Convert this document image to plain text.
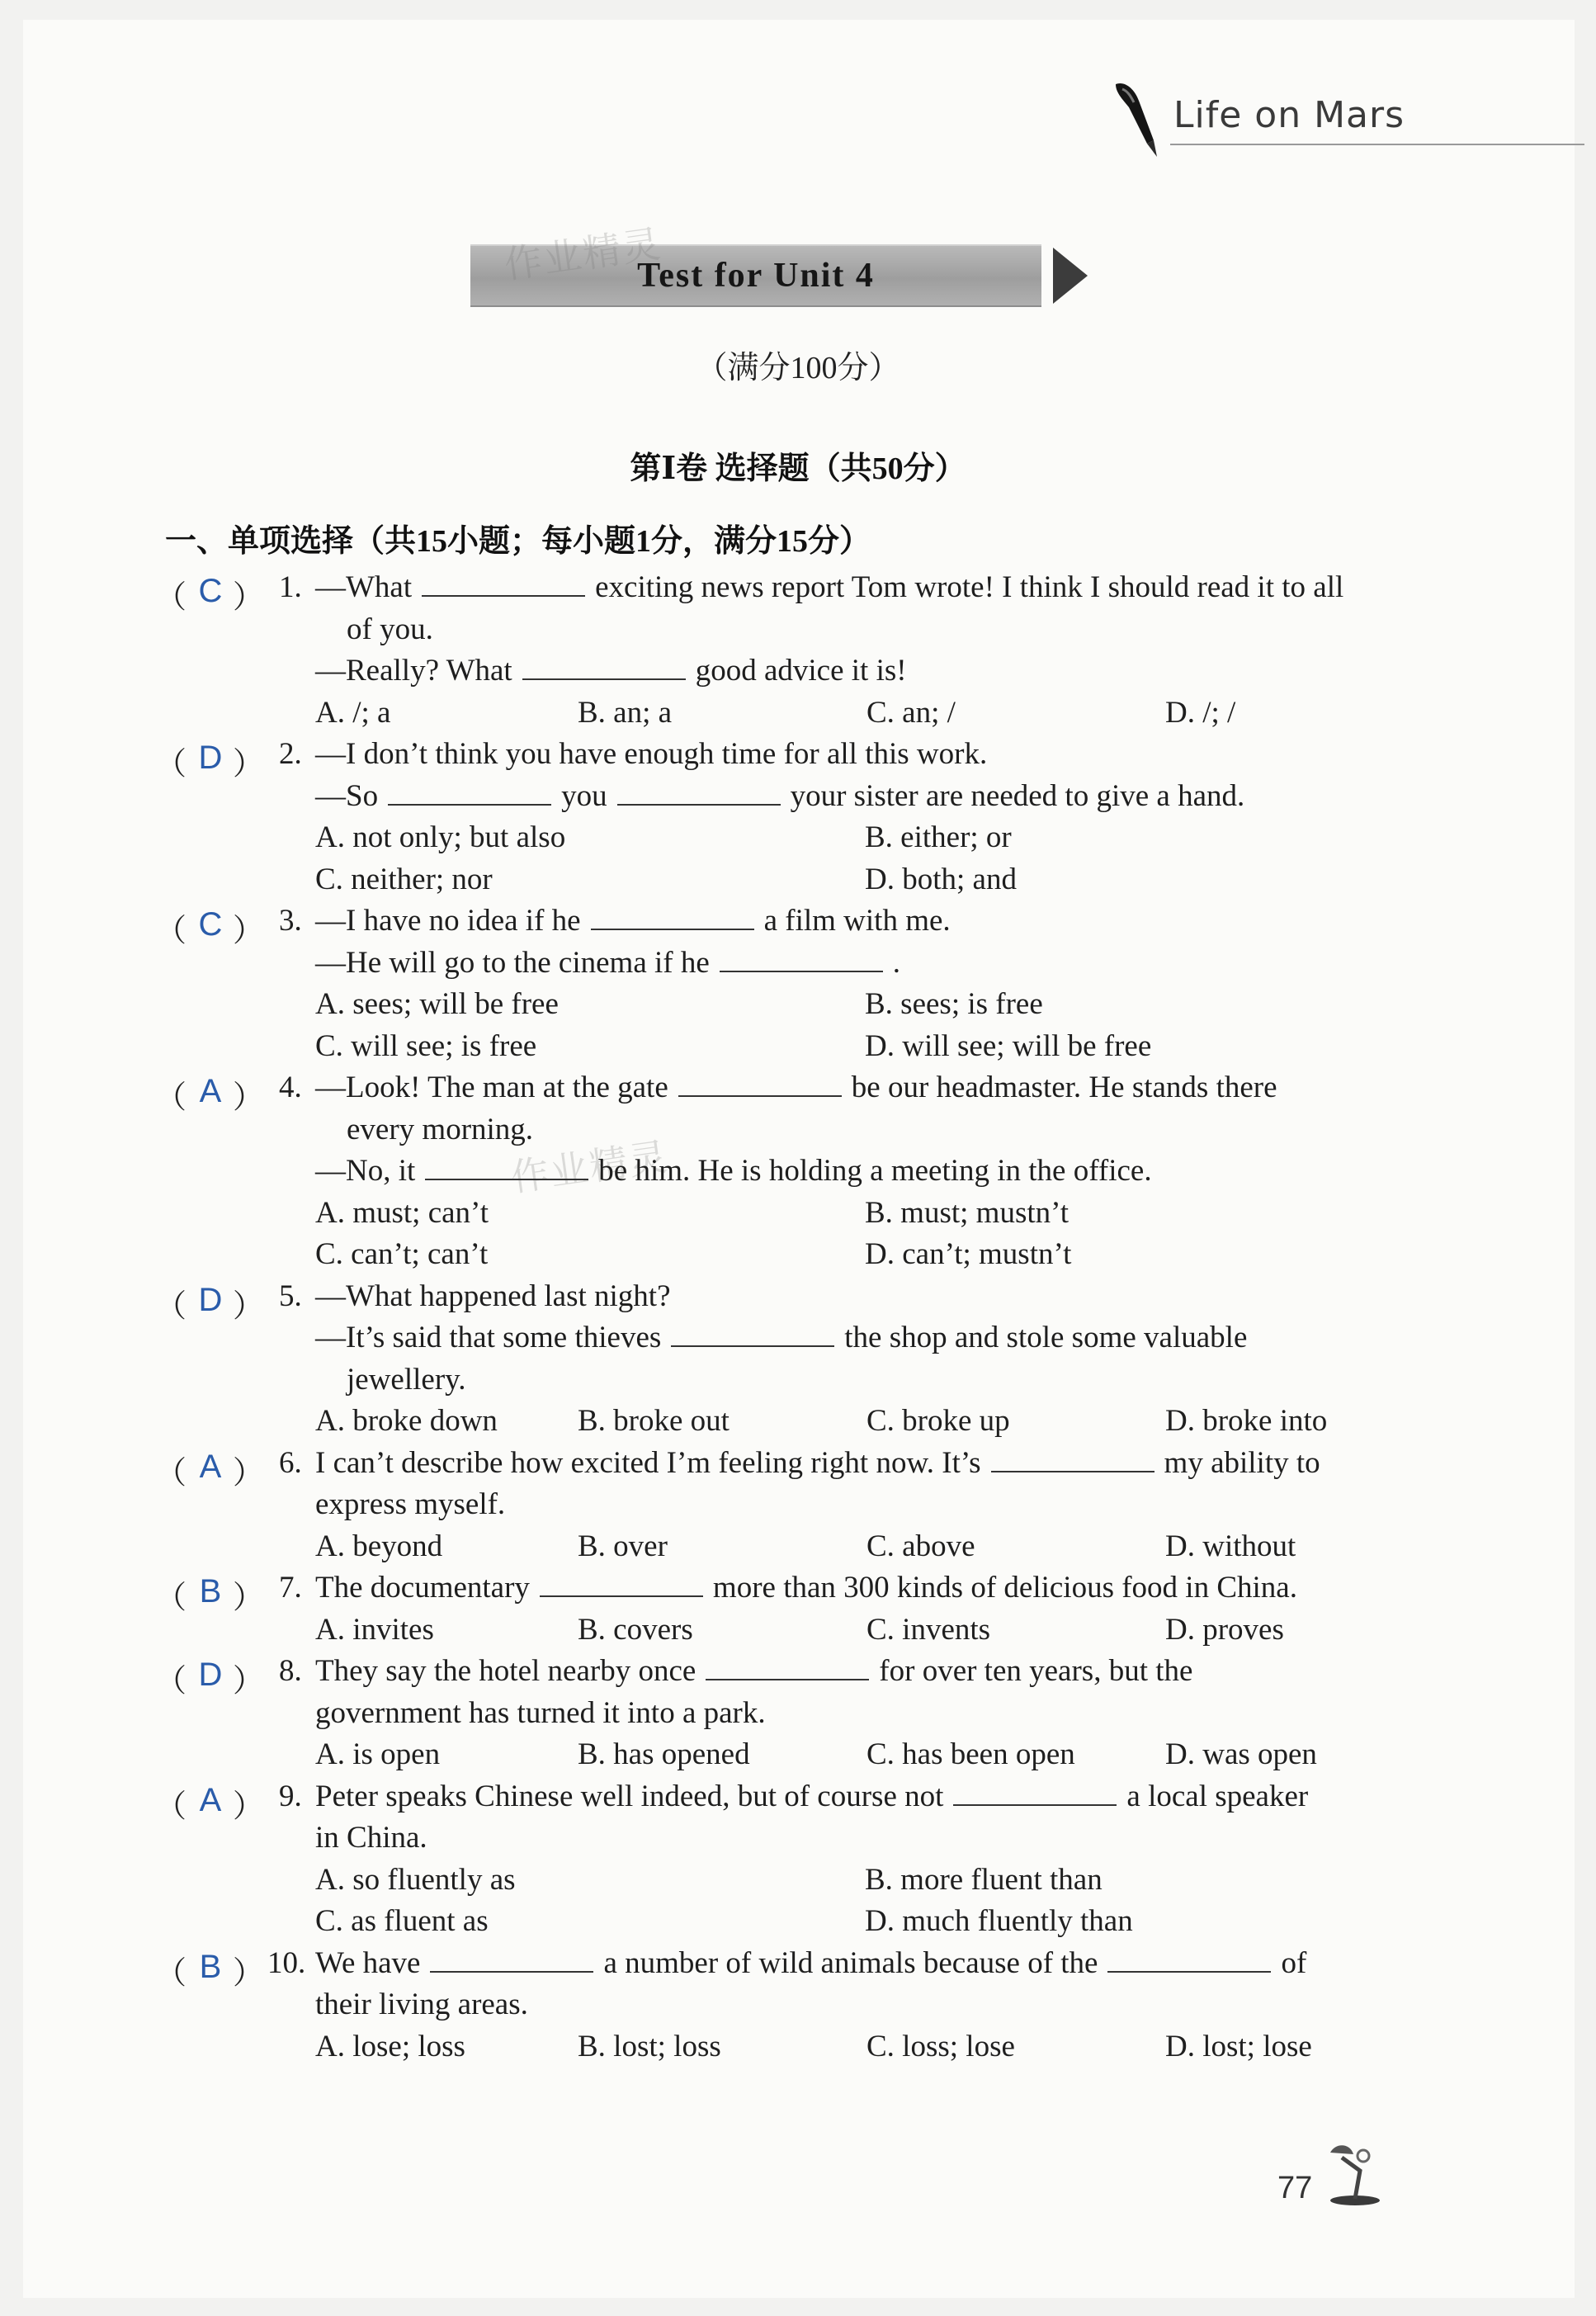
Life on Mars
Test for Unit 4
作业精灵
作业精灵
（满分100分）
第Ⅰ卷 选择题（共50分）
一、单项选择（共15小题；每小题1分，满分15分）
（ C ） 1. —What	exciting news report Tom wrote! I think I should read it to all
of you.
—Really? What	good advice it is!
A. /; a	B. an; a	C. an; /	D. /; /
（ D ） 2. —I don’t think you have enough time for all this work.
—So	you	your sister are needed to give a hand.
A. not only; but also	B. either; or
C. neither; nor	D. both; and
（ C ） 3. —I have no idea if he	a film with me.
—He will go to the cinema if he	.
A. sees; will be free	B. sees; is free
C. will see; is free	D. will see; will be free
（ A ） 4. —Look! The man at the gate	be our headmaster. He stands there
every morning.
—No, it	be him. He is holding a meeting in the office.
A. must; can’t	B. must; mustn’t
C. can’t; can’t	D. can’t; mustn’t
（ D ） 5. —What happened last night?
—It’s said that some thieves	the shop and stole some valuable
jewellery.
A. broke down	B. broke out	C. broke up	D. broke into
（ A ） 6. I can’t describe how excited I’m feeling right now. It’s	my ability to
express myself.
A. beyond	B. over	C. above	D. without
（ B ） 7. The documentary	more than 300 kinds of delicious food in China.
A. invites	B. covers	C. invents	D. proves
（ D ） 8. They say the hotel nearby once	for over ten years, but the
government has turned it into a park.
A. is open	B. has opened	C. has been open	D. was open
（ A ） 9. Peter speaks Chinese well indeed, but of course not	a local speaker
in China.
A. so fluently as	B. more fluent than
C. as fluent as	D. much fluently than
（ B ） 10. We have	a number of wild animals because of the	of
their living areas.
A. lose; loss	B. lost; loss	C. loss; lose	D. lost; lose
77
